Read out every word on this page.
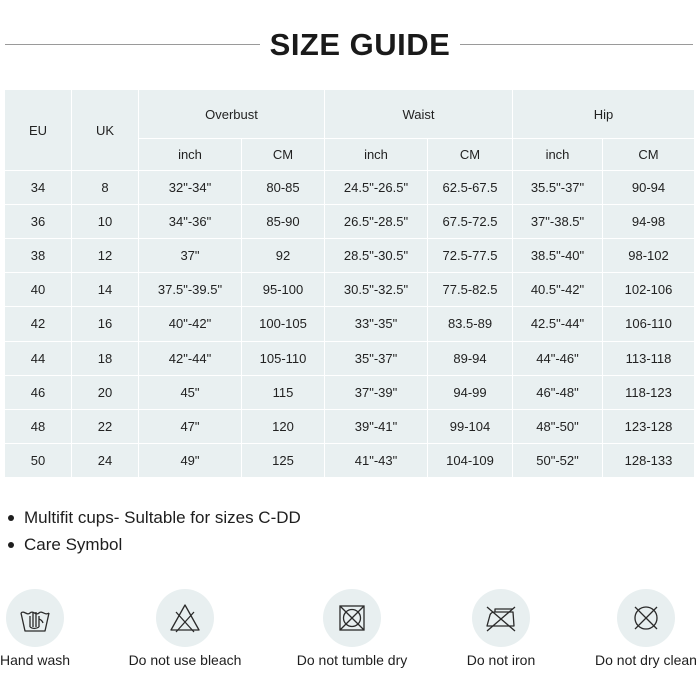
SIZE GUIDE
EU	UK	Overbust		Waist		Hip	
		inch	CM	inch	CM	inch	CM
34	8	32"-34"	80-85	24.5"-26.5"	62.5-67.5	35.5"-37"	90-94
36	10	34"-36"	85-90	26.5"-28.5"	67.5-72.5	37"-38.5"	94-98
38	12	37"	92	28.5"-30.5"	72.5-77.5	38.5"-40"	98-102
40	14	37.5"-39.5"	95-100	30.5"-32.5"	77.5-82.5	40.5"-42"	102-106
42	16	40"-42"	100-105	33"-35"	83.5-89	42.5"-44"	106-110
44	18	42"-44"	105-110	35"-37"	89-94	44"-46"	113-118
46	20	45"	115	37"-39"	94-99	46"-48"	118-123
48	22	47"	120	39"-41"	99-104	48"-50"	123-128
50	24	49"	125	41"-43"	104-109	50"-52"	128-133
Multifit cups- Sultable for sizes C-DD
Care Symbol
Hand wash	Do not use bleach	Do not tumble dry	Do not iron	Do not dry clean
